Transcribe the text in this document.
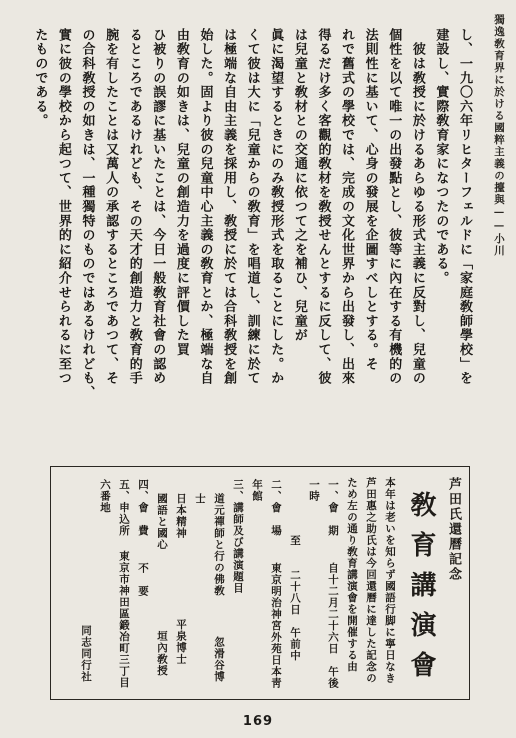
獨逸敎育界に於ける國粹主義の擡與——小川

し、一九〇六年リヒターフェルドに「家庭敎師學校」を

建設し、實際敎育家になつたのである。

　彼は敎授に於けるあらゆる形式主義に反對し、兒童の

個性を以て唯一の出發點とし、彼等に內在する有機的の

法則性に基いて、心身の發展を企圖すべしとする。そ

れで舊式の學校では、完成の文化世界から出發し、出來

得るだけ多く客觀的敎材を敎授せんとするに反して、彼

は兒童と敎材との交通に依つて之を補ひ、兒童が

眞に渴望するときにのみ敎授形式を取ることにした。か

くて彼は大に「兒童からの敎育」を唱道し、訓練に於て

は極端な自由主義を採用し、敎授に於ては合科敎授を創

始した。固より彼の兒童中心主義の敎育とか、極端な自

由敎育の如きは、兒童の創造力を過度に評價した買

ひ被りの誤謬に基いたことは、今日一般敎育社會の認め

るところであるけれども、その天才的創造力と敎育的手

腕を有したことは又萬人の承認するところであつて、そ

の合科敎授の如きは、一種獨特のものではあるけれども、

實に彼の學校から起つて、世界的に紹介せられるに至つ

たものである。

芦田氏還曆記念
敎育講演會
本年は老いを知らず國語行脚に寧日なき芦田惠之助氏は今回還曆に達した記念のため左の通り敎育講演會を開催する由
一、會　期自十二月二十六日　午後一時
至　　二十八日　午前中
二、會　場東京明治神宮外苑日本靑年館
三、講師及び講演題目
道元禪師と行の佛敎忽滑谷博士
日本精神平泉博士
國語と國心垣內敎授
四、會　費不　要
五、申込所東京市神田區鍛冶町三丁目六番地
同志同行社
169
